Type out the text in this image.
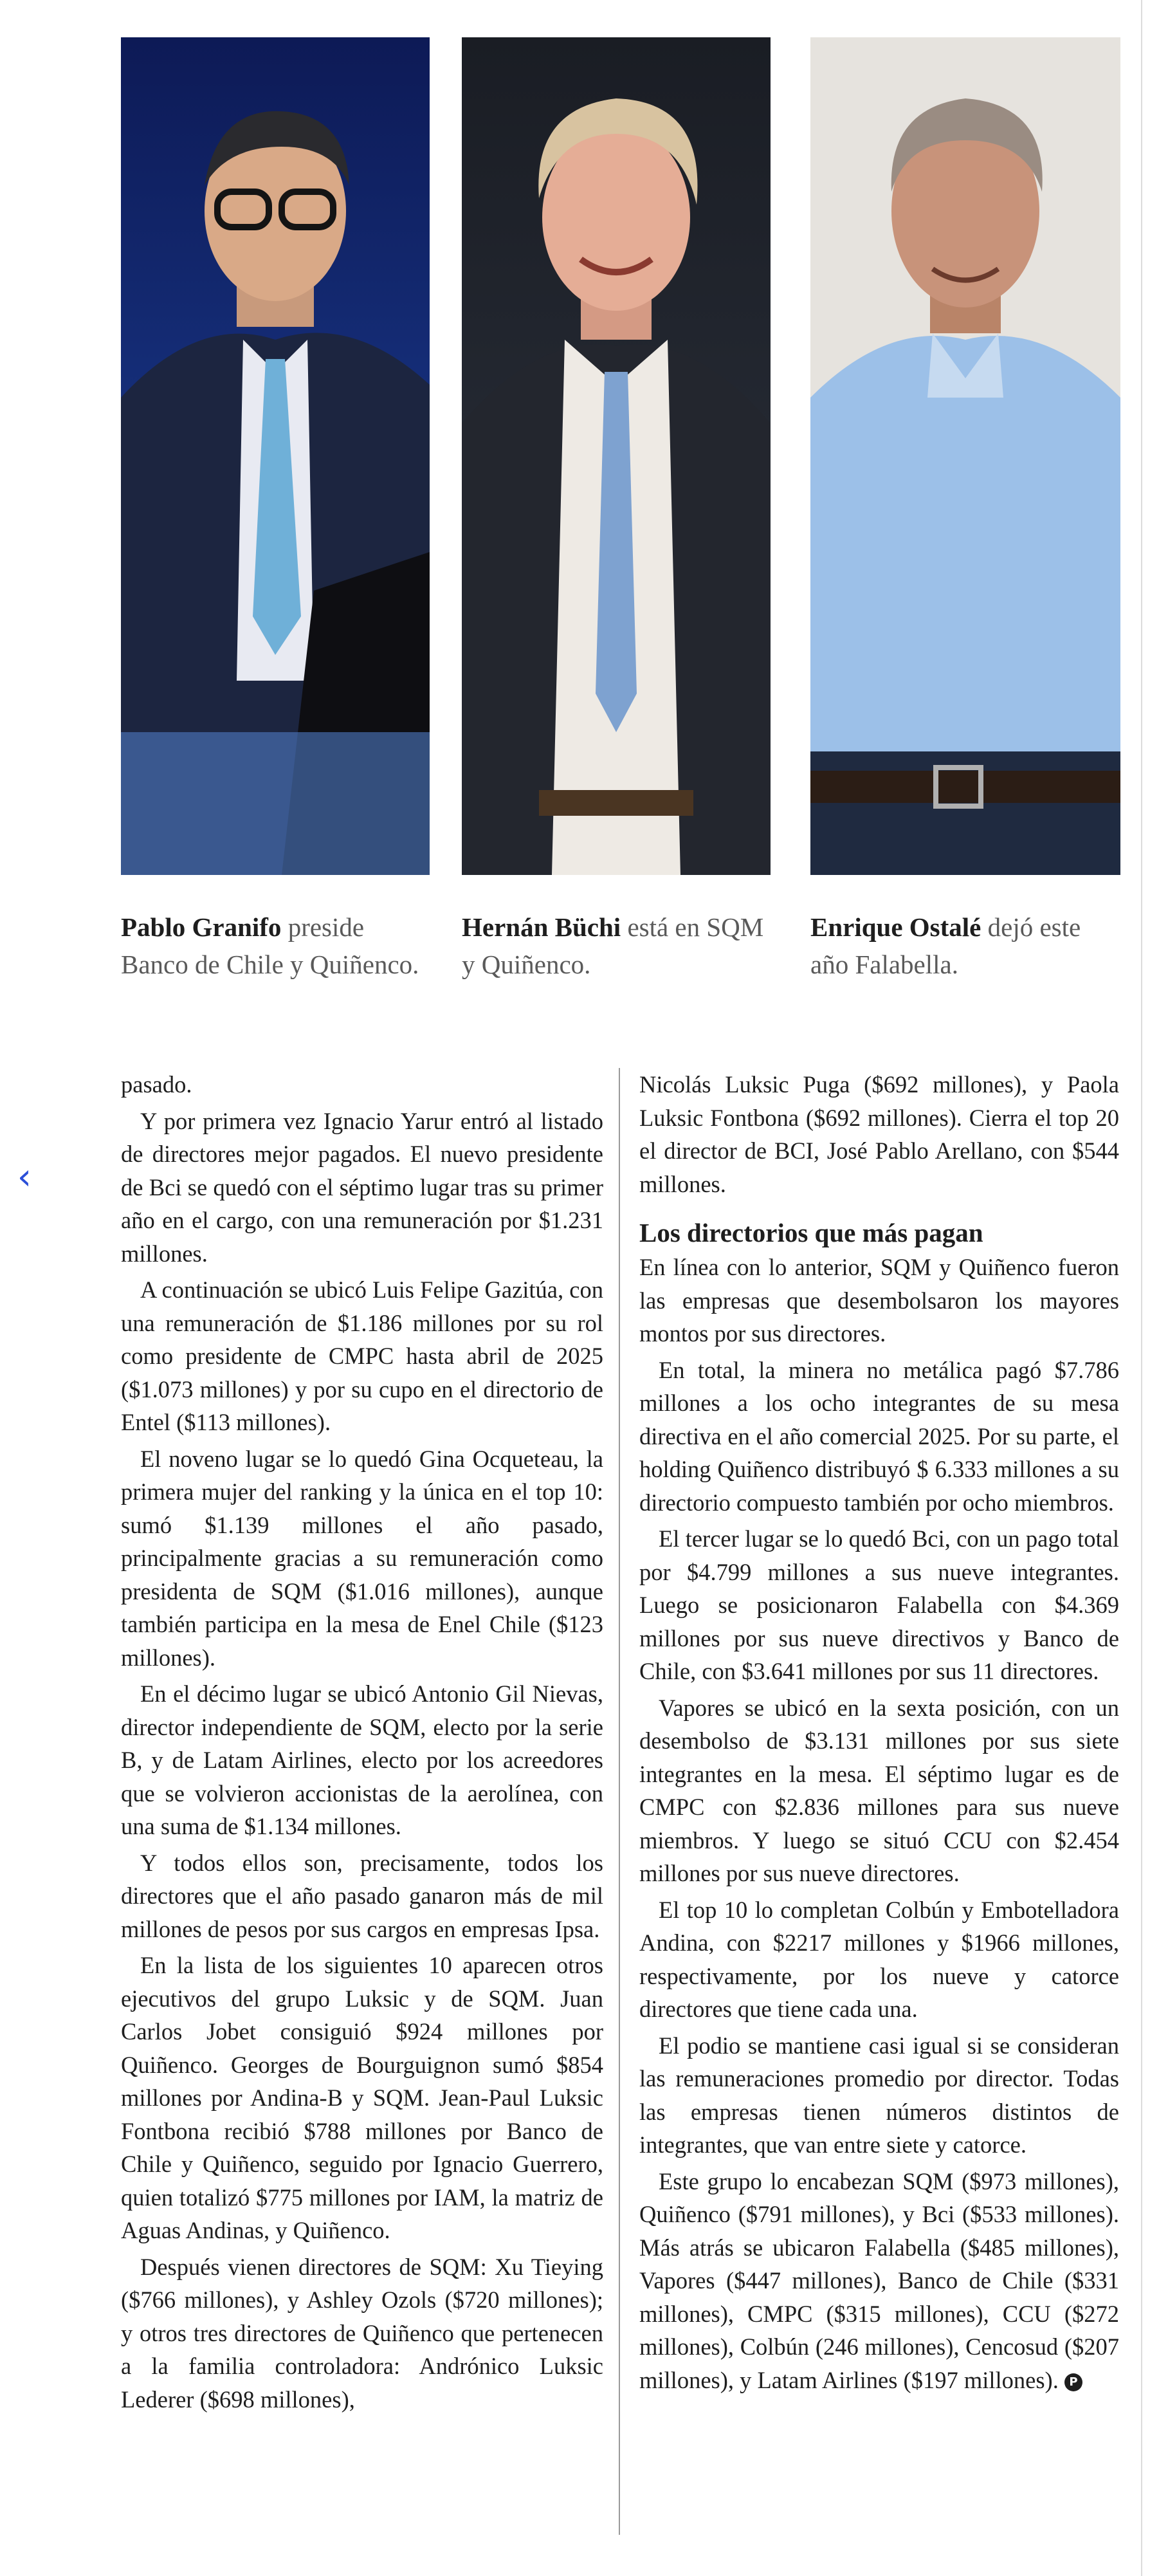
Pablo Granifo preside Banco de Chile y Quiñenco.
Hernán Büchi está en SQM y Quiñenco.
Enrique Ostalé dejó este año Falabella.
‹

pasado.

Y por primera vez Ignacio Yarur entró al listado de directores mejor pagados. El nuevo presidente de Bci se quedó con el séptimo lugar tras su primer año en el cargo, con una remuneración por $1.231 millones.

A continuación se ubicó Luis Felipe Gazitúa, con una remuneración de $1.186 millones por su rol como presidente de CMPC hasta abril de 2025 ($1.073 millones) y por su cupo en el directorio de Entel ($113 millones).

El noveno lugar se lo quedó Gina Ocqueteau, la primera mujer del ranking y la única en el top 10: sumó $1.139 millones el año pasado, principalmente gracias a su remuneración como presidenta de SQM ($1.016 millones), aunque también participa en la mesa de Enel Chile ($123 millones).

En el décimo lugar se ubicó Antonio Gil Nievas, director independiente de SQM, electo por la serie B, y de Latam Airlines, electo por los acreedores que se volvieron accionistas de la aerolínea, con una suma de $1.134 millones.

Y todos ellos son, precisamente, todos los directores que el año pasado ganaron más de mil millones de pesos por sus cargos en empresas Ipsa.

En la lista de los siguientes 10 aparecen otros ejecutivos del grupo Luksic y de SQM. Juan Carlos Jobet consiguió $924 millones por Quiñenco. Georges de Bourguignon sumó $854 millones por Andina-B y SQM. Jean-Paul Luksic Fontbona recibió $788 millones por Banco de Chile y Quiñenco, seguido por Ignacio Guerrero, quien totalizó $775 millones por IAM, la matriz de Aguas Andinas, y Quiñenco.

Después vienen directores de SQM: Xu Tieying ($766 millones), y Ashley Ozols ($720 millones); y otros tres directores de Quiñenco que pertenecen a la familia controladora: Andrónico Luksic Lederer ($698 millones),

Nicolás Luksic Puga ($692 millones), y Paola Luksic Fontbona ($692 millones). Cierra el top 20 el director de BCI, José Pablo Arellano, con $544 millones.

Los directorios que más pagan

En línea con lo anterior, SQM y Quiñenco fueron las empresas que desembolsaron los mayores montos por sus directores.

En total, la minera no metálica pagó $7.786 millones a los ocho integrantes de su mesa directiva en el año comercial 2025. Por su parte, el holding Quiñenco distribuyó $ 6.333 millones a su directorio compuesto también por ocho miembros.

El tercer lugar se lo quedó Bci, con un pago total por $4.799 millones a sus nueve integrantes. Luego se posicionaron Falabella con $4.369 millones por sus nueve directivos y Banco de Chile, con $3.641 millones por sus 11 directores.

Vapores se ubicó en la sexta posición, con un desembolso de $3.131 millones por sus siete integrantes en la mesa. El séptimo lugar es de CMPC con $2.836 millones para sus nueve miembros. Y luego se situó CCU con $2.454 millones por sus nueve directores.

El top 10 lo completan Colbún y Embotelladora Andina, con $2217 millones y $1966 millones, respectivamente, por los nueve y catorce directores que tiene cada una.

El podio se mantiene casi igual si se consideran las remuneraciones promedio por director. Todas las empresas tienen números distintos de integrantes, que van entre siete y catorce.

Este grupo lo encabezan SQM ($973 millones), Quiñenco ($791 millones), y Bci ($533 millones). Más atrás se ubicaron Falabella ($485 millones), Vapores ($447 millones), Banco de Chile ($331 millones), CMPC ($315 millones), CCU ($272 millones), Colbún (246 millones), Cencosud ($207 millones), y Latam Airlines ($197 millones). P
